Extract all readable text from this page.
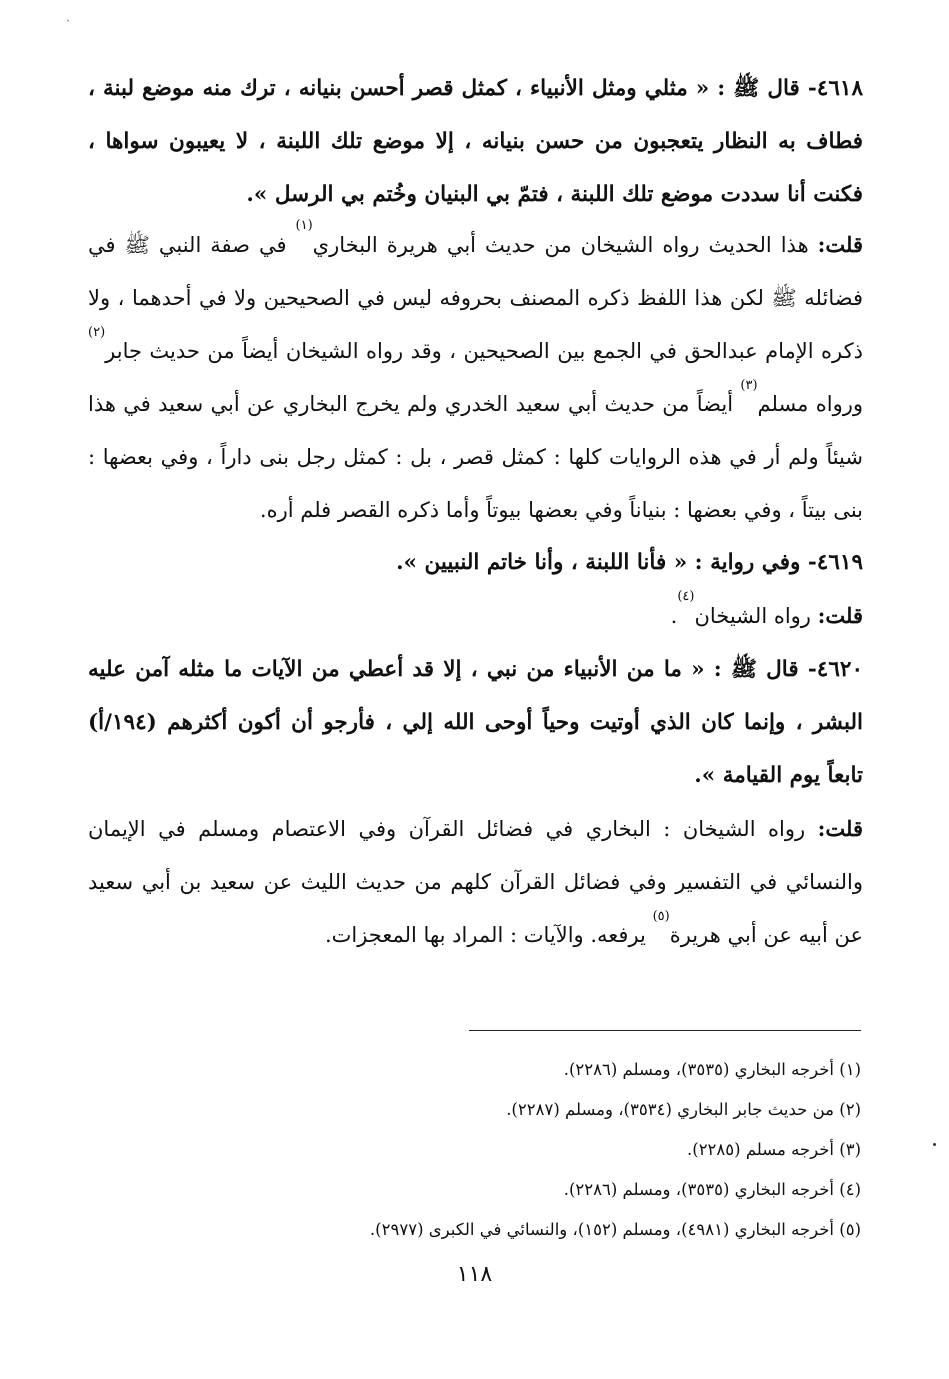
ˏ

٤٦١٨- قال ﷺ : « مثلي ومثل الأنبياء ، كمثل قصر أحسن بنيانه ، ترك منه موضع لبنة ، فطاف به النظار يتعجبون من حسن بنيانه ، إلا موضع تلك اللبنة ، لا يعيبون سواها ، فكنت أنا سددت موضع تلك اللبنة ، فتمّ بي البنيان وخُتم بي الرسل ».

قلت: هذا الحديث رواه الشيخان من حديث أبي هريرة البخاري$^{(١)}$ في صفة النبي ﷺ في فضائله ﷺ لكن هذا اللفظ ذكره المصنف بحروفه ليس في الصحيحين ولا في أحدهما ، ولا ذكره الإمام عبدالحق في الجمع بين الصحيحين ، وقد رواه الشيخان أيضاً من حديث جابر$^{(٢)}$ ورواه مسلم$^{(٣)}$ أيضاً من حديث أبي سعيد الخدري ولم يخرج البخاري عن أبي سعيد في هذا شيئاً ولم أر في هذه الروايات كلها : كمثل قصر ، بل : كمثل رجل بنى داراً ، وفي بعضها : بنى بيتاً ، وفي بعضها : بنياناً وفي بعضها بيوتاً وأما ذكره القصر فلم أره.

٤٦١٩- وفي رواية : « فأنا اللبنة ، وأنا خاتم النبيين ».

قلت: رواه الشيخان$^{(٤)}$.

٤٦٢٠- قال ﷺ : « ما من الأنبياء من نبي ، إلا قد أعطي من الآيات ما مثله آمن عليه البشر ، وإنما كان الذي أوتيت وحياً أوحى الله إلي ، فأرجو أن أكون أكثرهم (١٩٤/أ) تابعاً يوم القيامة ».

قلت: رواه الشيخان : البخاري في فضائل القرآن وفي الاعتصام ومسلم في الإيمان والنسائي في التفسير وفي فضائل القرآن كلهم من حديث الليث عن سعيد بن أبي سعيد عن أبيه عن أبي هريرة$^{(٥)}$ يرفعه. والآيات : المراد بها المعجزات.

(١) أخرجه البخاري (٣٥٣٥)، ومسلم (٢٢٨٦).

(٢) من حديث جابر البخاري (٣٥٣٤)، ومسلم (٢٢٨٧).

(٣) أخرجه مسلم (٢٢٨٥).

(٤) أخرجه البخاري (٣٥٣٥)، ومسلم (٢٢٨٦).

(٥) أخرجه البخاري (٤٩٨١)، ومسلم (١٥٢)، والنسائي في الكبرى (٢٩٧٧).

١١٨
